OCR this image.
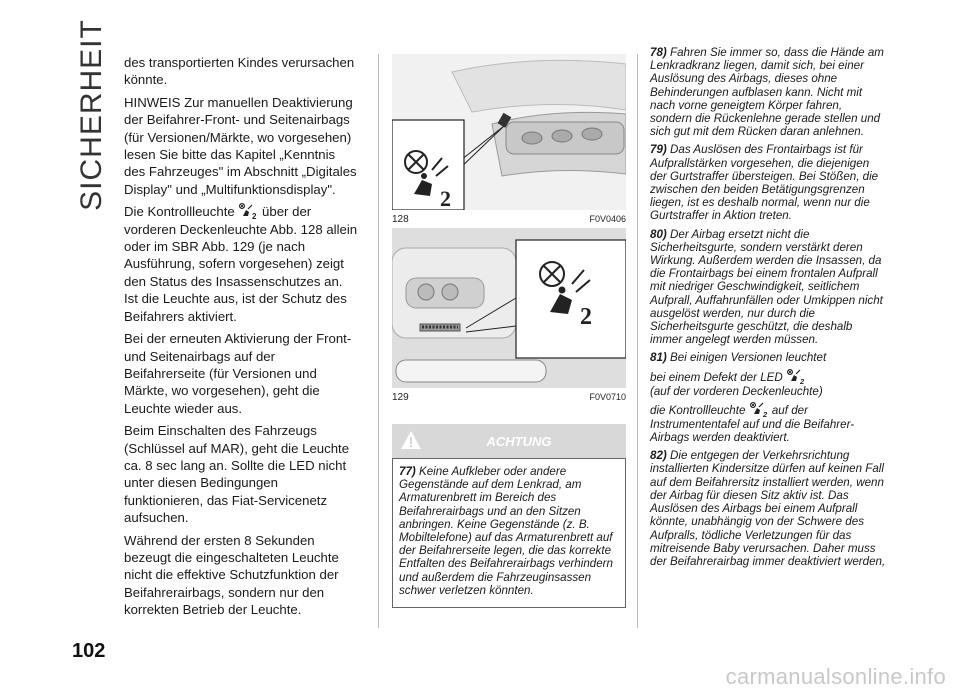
SICHERHEIT des transportierten Kindes verursachen könnte.

HINWEIS Zur manuellen Deaktivierung der Beifahrer-Front- und Seitenairbags (für Versionen/Märkte, wo vorgesehen) lesen Sie bitte das Kapitel „Kenntnis des Fahrzeuges" im Abschnitt „Digitales Display" und „Multifunktionsdisplay".

Die Kontrollleuchte 2 über der vorderen Deckenleuchte Abb. 128 allein oder im SBR Abb. 129 (je nach Ausführung, sofern vorgesehen) zeigt den Status des Insassenschutzes an. Ist die Leuchte aus, ist der Schutz des Beifahrers aktiviert.

Bei der erneuten Aktivierung der Front- und Seitenairbags auf der Beifahrerseite (für Versionen und Märkte, wo vorgesehen), geht die Leuchte wieder aus.

Beim Einschalten des Fahrzeugs (Schlüssel auf MAR), geht die Leuchte ca. 8 sec lang an. Sollte die LED nicht unter diesen Bedingungen funktionieren, das Fiat-Servicenetz aufsuchen.

Während der ersten 8 Sekunden bezeugt die eingeschalteten Leuchte nicht die effektive Schutzfunktion der Beifahrerairbags, sondern nur den korrekten Betrieb der Leuchte.

2
128	F0V0406
2
129	F0V0710
ACHTUNG
77) Keine Aufkleber oder andere Gegenstände auf dem Lenkrad, am Armaturenbrett im Bereich des Beifahrerairbags und an den Sitzen anbringen. Keine Gegenstände (z. B. Mobiltelefone) auf das Armaturenbrett auf der Beifahrerseite legen, die das korrekte Entfalten des Beifahrerairbags verhindern und außerdem die Fahrzeuginsassen schwer verletzen könnten.

78) Fahren Sie immer so, dass die Hände am Lenkradkranz liegen, damit sich, bei einer Auslösung des Airbags, dieses ohne Behinderungen aufblasen kann. Nicht mit nach vorne geneigtem Körper fahren, sondern die Rückenlehne gerade stellen und sich gut mit dem Rücken daran anlehnen.

79) Das Auslösen des Frontairbags ist für Aufprallstärken vorgesehen, die diejenigen der Gurtstraffer übersteigen. Bei Stößen, die zwischen den beiden Betätigungsgrenzen liegen, ist es deshalb normal, wenn nur die Gurtstraffer in Aktion treten.

80) Der Airbag ersetzt nicht die Sicherheitsgurte, sondern verstärkt deren Wirkung. Außerdem werden die Insassen, da die Frontairbags bei einem frontalen Aufprall mit niedriger Geschwindigkeit, seitlichem Aufprall, Auffahrunfällen oder Umkippen nicht ausgelöst werden, nur durch die Sicherheitsgurte geschützt, die deshalb immer angelegt werden müssen.

81) Bei einigen Versionen leuchtet

bei einem Defekt der LED 2

(auf der vorderen Deckenleuchte)

die Kontrollleuchte 2 auf der Instrumententafel auf und die Beifahrer-Airbags werden deaktiviert.

82) Die entgegen der Verkehrsrichtung installierten Kindersitze dürfen auf keinen Fall auf dem Beifahrersitz installiert werden, wenn der Airbag für diesen Sitz aktiv ist. Das Auslösen des Airbags bei einem Aufprall könnte, unabhängig von der Schwere des Aufpralls, tödliche Verletzungen für das mitreisende Baby verursachen. Daher muss der Beifahrerairbag immer deaktiviert werden,

102
carmanualsonline.info
